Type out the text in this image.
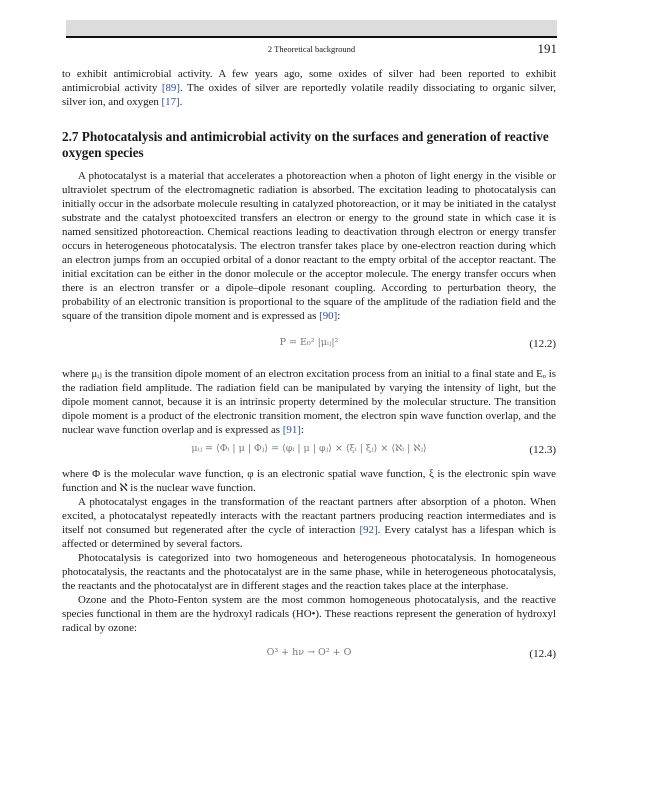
2 Theoretical background	191

to exhibit antimicrobial activity. A few years ago, some oxides of silver had been reported to exhibit antimicrobial activity [89]. The oxides of silver are reportedly volatile readily dissociating to organic silver, silver ion, and oxygen [17].

2.7 Photocatalysis and antimicrobial activity on the surfaces and generation of reactive oxygen species

A photocatalyst is a material that accelerates a photoreaction when a photon of light energy in the visible or ultraviolet spectrum of the electromagnetic radiation is absorbed. The excitation leading to photocatalysis can initially occur in the adsorbate molecule resulting in catalyzed photoreaction, or it may be initiated in the catalyst substrate and the catalyst photoexcited transfers an electron or energy to the ground state in which case it is named sensitized photoreaction. Chemical reactions leading to deactivation through electron or energy transfer occurs in heterogeneous photocatalysis. The electron transfer takes place by one-electron reaction during which an electron jumps from an occupied orbital of a donor reactant to the empty orbital of the acceptor reactant. The initial excitation can be either in the donor molecule or the acceptor molecule. The energy transfer occurs when there is an electron transfer or a dipole–dipole resonant coupling. According to perturbation theory, the probability of an electronic transition is proportional to the square of the amplitude of the radiation field and the square of the transition dipole moment and is expressed as [90]:

P = E₀² |μᵢⱼ|²	(12.2)

where μᵢⱼ is the transition dipole moment of an electron excitation process from an initial to a final state and Eₒ is the radiation field amplitude. The radiation field can be manipulated by varying the intensity of light, but the dipole moment cannot, because it is an intrinsic property determined by the molecular structure. The transition dipole moment is a product of the electronic transition moment, the electron spin wave function overlap, and the nuclear wave function overlap and is expressed as [91]:

μᵢⱼ = ⟨Φᵢ | μ | Φⱼ⟩ = ⟨φᵢ | μ | φⱼ⟩ × ⟨ξᵢ | ξⱼ⟩ × ⟨ℵᵢ | ℵⱼ⟩	(12.3)

where Φ is the molecular wave function, φ is an electronic spatial wave function, ξ is the electronic spin wave function and ℵ is the nuclear wave function.

A photocatalyst engages in the transformation of the reactant partners after absorption of a photon. When excited, a photocatalyst repeatedly interacts with the reactant partners producing reaction intermediates and is itself not consumed but regenerated after the cycle of interaction [92]. Every catalyst has a lifespan which is affected or determined by several factors.

Photocatalysis is categorized into two homogeneous and heterogeneous photocatalysis. In homogeneous photocatalysis, the reactants and the photocatalyst are in the same phase, while in heterogeneous photocatalysis, the reactants and the photocatalyst are in different stages and the reaction takes place at the interphase.

Ozone and the Photo-Fenton system are the most common homogeneous photocatalysis, and the reactive species functional in them are the hydroxyl radicals (HO•). These reactions represent the generation of hydroxyl radical by ozone:

O³ + hν → O² + O	(12.4)
